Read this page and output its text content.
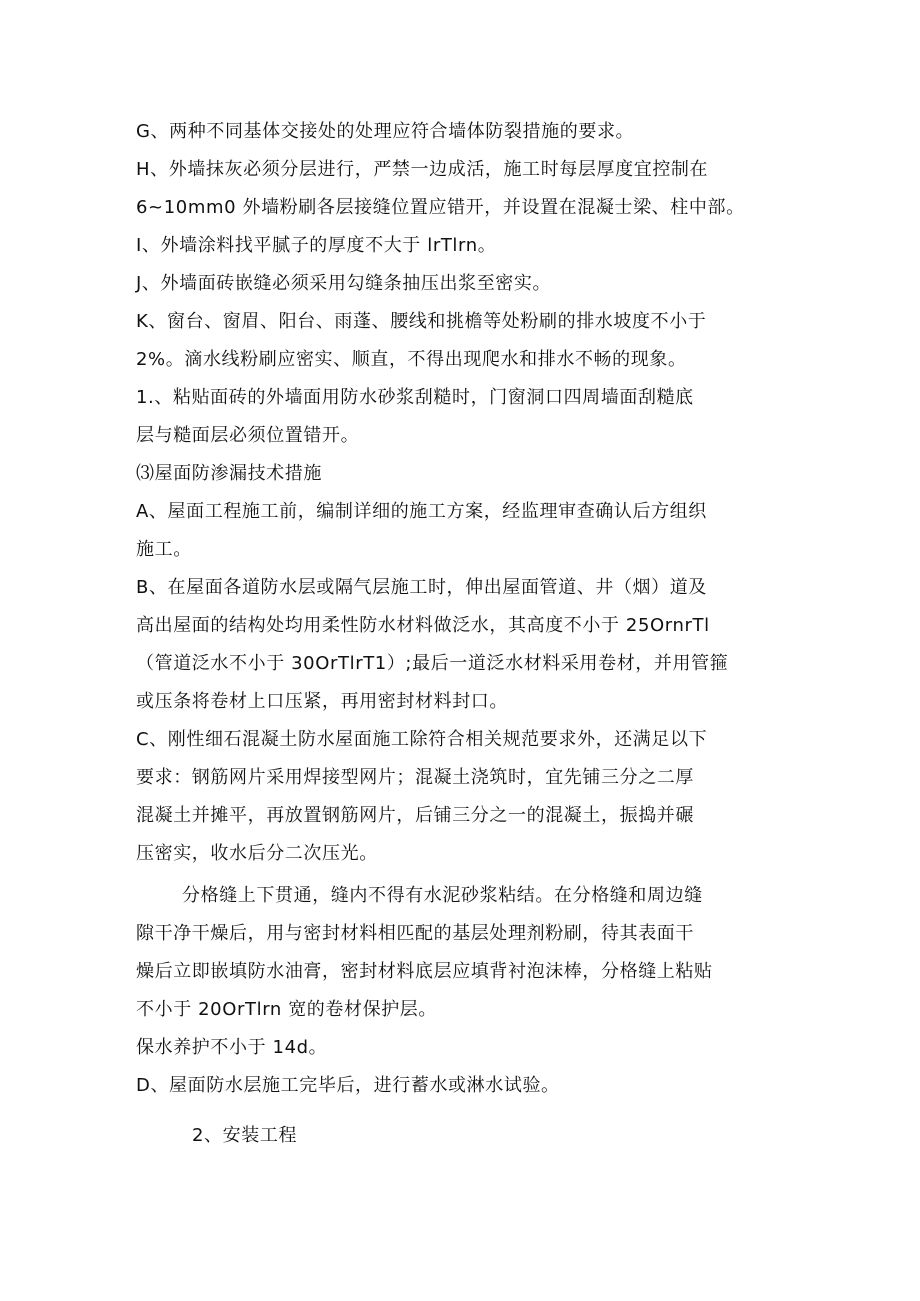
G、两种不同基体交接处的处理应符合墙体防裂措施的要求。
H、外墙抹灰必须分层进行，严禁一边成活，施工时每层厚度宜控制在
6~10mm0 外墙粉刷各层接缝位置应错开，并设置在混凝士梁、柱中部。
I、外墙涂料找平腻子的厚度不大于 lrTlrn。
J、外墙面砖嵌缝必须采用勾缝条抽压出浆至密实。
K、窗台、窗眉、阳台、雨蓬、腰线和挑檐等处粉刷的排水坡度不小于
2%。滴水线粉刷应密实、顺直，不得出现爬水和排水不畅的现象。
1.、粘贴面砖的外墙面用防水砂浆刮糙时，门窗洞口四周墙面刮糙底
层与糙面层必须位置错开。
⑶屋面防渗漏技术措施
A、屋面工程施工前，编制详细的施工方案，经监理审查确认后方组织
施工。
B、在屋面各道防水层或隔气层施工时，伸出屋面管道、井（烟）道及
高出屋面的结构处均用柔性防水材料做泛水，其高度不小于 25OrnrTl
（管道泛水不小于 30OrTlrT1）;最后一道泛水材料采用卷材，并用管箍
或压条将卷材上口压紧，再用密封材料封口。
C、刚性细石混凝土防水屋面施工除符合相关规范要求外，还满足以下
要求：钢筋网片采用焊接型网片；混凝土浇筑时，宜先铺三分之二厚
混凝土并摊平，再放置钢筋网片，后铺三分之一的混凝土，振捣并碾
压密实，收水后分二次压光。
分格缝上下贯通，缝内不得有水泥砂浆粘结。在分格缝和周边缝
隙干净干燥后，用与密封材料相匹配的基层处理剂粉刷，待其表面干
燥后立即嵌填防水油膏，密封材料底层应填背衬泡沫棒，分格缝上粘贴
不小于 20OrTlrn 宽的卷材保护层。
保水养护不小于 14d。
D、屋面防水层施工完毕后，进行蓄水或淋水试验。
2、安装工程
